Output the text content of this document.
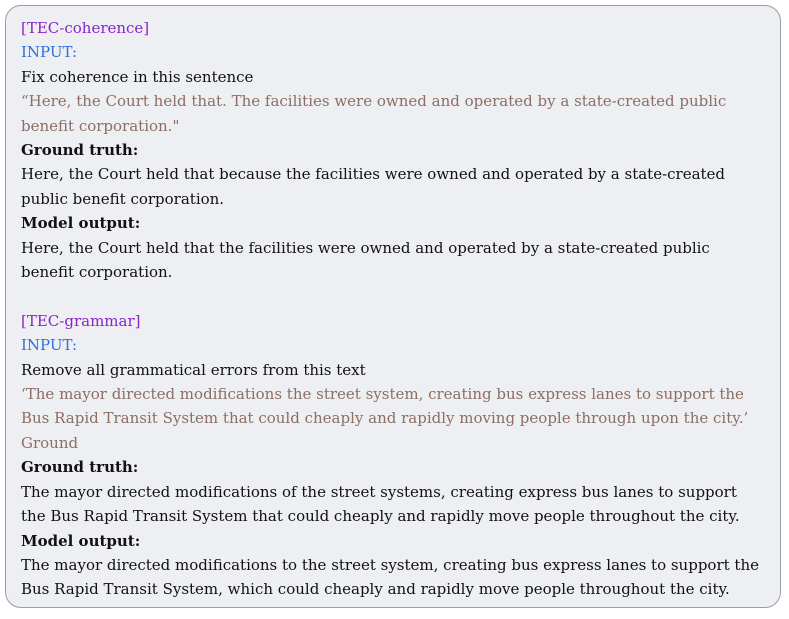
[TEC-coherence]
INPUT:
Fix coherence in this sentence
“Here, the Court held that. The facilities were owned and operated by a state-created public benefit corporation."
Ground truth:
Here, the Court held that because the facilities were owned and operated by a state-created public benefit corporation.
Model output:
Here, the Court held that the facilities were owned and operated by a state-created public benefit corporation.
[TEC-grammar]
INPUT:
Remove all grammatical errors from this text
‘The mayor directed modifications the street system, creating bus express lanes to support the Bus Rapid Transit System that could cheaply and rapidly moving people through upon the city.’
Ground
Ground truth:
The mayor directed modifications of the street systems, creating express bus lanes to support the Bus Rapid Transit System that could cheaply and rapidly move people throughout the city.
Model output:
The mayor directed modifications to the street system, creating bus express lanes to support the Bus Rapid Transit System, which could cheaply and rapidly move people throughout the city.
